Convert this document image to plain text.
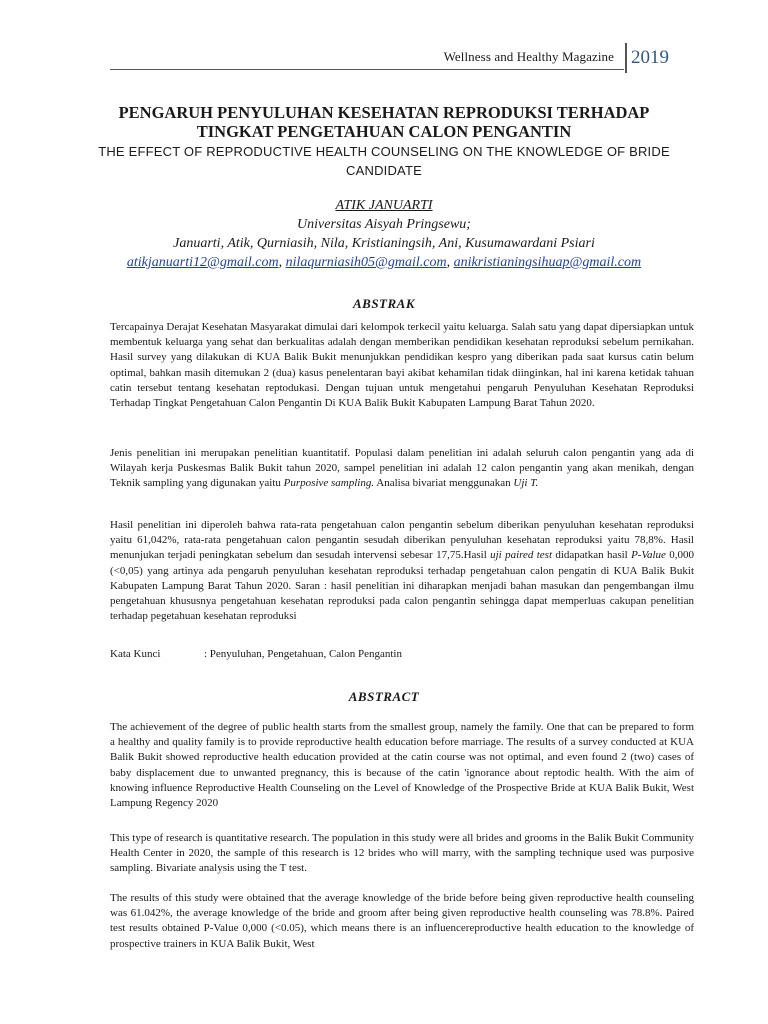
Wellness and Healthy Magazine 2019
PENGARUH PENYULUHAN KESEHATAN REPRODUKSI TERHADAP TINGKAT PENGETAHUAN CALON PENGANTIN
THE EFFECT OF REPRODUCTIVE HEALTH COUNSELING ON THE KNOWLEDGE OF BRIDE CANDIDATE
ATIK JANUARTI
Universitas Aisyah Pringsewu;
Januarti, Atik, Qurniasih, Nila, Kristianingsih, Ani, Kusumawardani Psiari
atikjanuarti12@gmail.com, nilaqurniasih05@gmail.com, anikristianingsihuap@gmail.com
ABSTRAK
Tercapainya Derajat Kesehatan Masyarakat dimulai dari kelompok terkecil yaitu keluarga. Salah satu yang dapat dipersiapkan untuk membentuk keluarga yang sehat dan berkualitas adalah dengan memberikan pendidikan kesehatan reproduksi sebelum pernikahan. Hasil survey yang dilakukan di KUA Balik Bukit menunjukkan pendidikan kespro yang diberikan pada saat kursus catin belum optimal, bahkan masih ditemukan 2 (dua) kasus penelentaran bayi akibat kehamilan tidak diinginkan, hal ini karena ketidak tahuan catin tersebut tentang kesehatan reptodukasi. Dengan tujuan untuk mengetahui pengaruh Penyuluhan Kesehatan Reproduksi Terhadap Tingkat Pengetahuan Calon Pengantin Di KUA Balik Bukit Kabupaten Lampung Barat Tahun 2020.
Jenis penelitian ini merupakan penelitian kuantitatif. Populasi dalam penelitian ini adalah seluruh calon pengantin yang ada di Wilayah kerja Puskesmas Balik Bukit tahun 2020, sampel penelitian ini adalah 12 calon pengantin yang akan menikah, dengan Teknik sampling yang digunakan yaitu Purposive sampling. Analisa bivariat menggunakan Uji T.
Hasil penelitian ini diperoleh bahwa rata-rata pengetahuan calon pengantin sebelum diberikan penyuluhan kesehatan reproduksi yaitu 61,042%, rata-rata pengetahuan calon pengantin sesudah diberikan penyuluhan kesehatan reproduksi yaitu 78,8%. Hasil menunjukan terjadi peningkatan sebelum dan sesudah intervensi sebesar 17,75.Hasil uji paired test didapatkan hasil P-Value 0,000 (<0,05) yang artinya ada pengaruh penyuluhan kesehatan reproduksi terhadap pengetahuan calon pengatin di KUA Balik Bukit Kabupaten Lampung Barat Tahun 2020. Saran : hasil penelitian ini diharapkan menjadi bahan masukan dan pengembangan ilmu pengetahuan khususnya pengetahuan kesehatan reproduksi pada calon pengantin sehingga dapat memperluas cakupan penelitian terhadap pegetahuan kesehatan reproduksi
Kata Kunci	: Penyuluhan, Pengetahuan, Calon Pengantin
ABSTRACT
The achievement of the degree of public health starts from the smallest group, namely the family. One that can be prepared to form a healthy and quality family is to provide reproductive health education before marriage. The results of a survey conducted at KUA Balik Bukit showed reproductive health education provided at the catin course was not optimal, and even found 2 (two) cases of baby displacement due to unwanted pregnancy, this is because of the catin 'ignorance about reptodic health. With the aim of knowing influence Reproductive Health Counseling on the Level of Knowledge of the Prospective Bride at KUA Balik Bukit, West Lampung Regency 2020
This type of research is quantitative research. The population in this study were all brides and grooms in the Balik Bukit Community Health Center in 2020, the sample of this research is 12 brides who will marry, with the sampling technique used was purposive sampling. Bivariate analysis using the T test.
The results of this study were obtained that the average knowledge of the bride before being given reproductive health counseling was 61.042%, the average knowledge of the bride and groom after being given reproductive health counseling was 78.8%. Paired test results obtained P-Value 0,000 (<0.05), which means there is an influencereproductive health education to the knowledge of prospective trainers in KUA Balik Bukit, West
